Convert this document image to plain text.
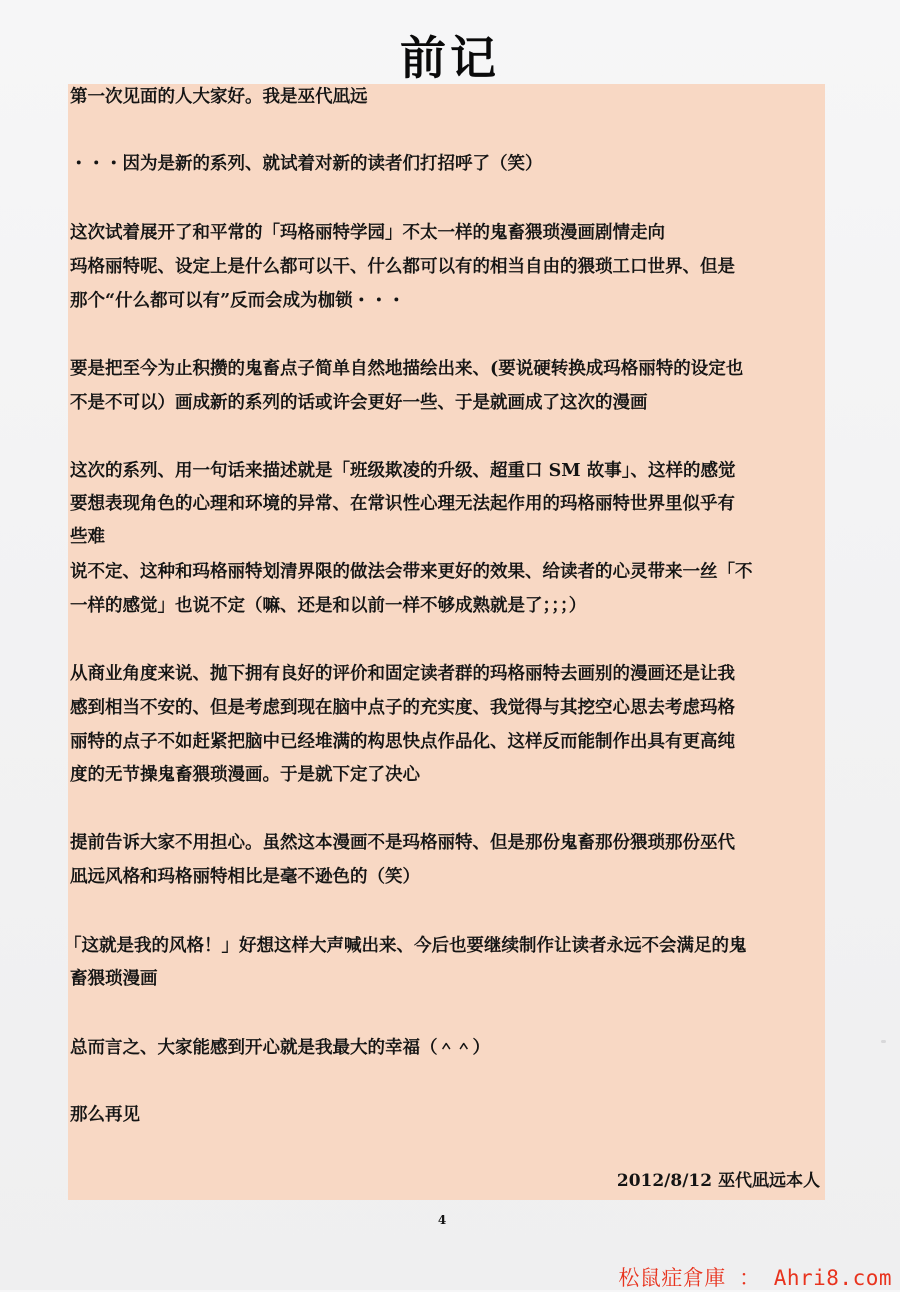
前记
第一次见面的人大家好。我是巫代凪远
・・・因为是新的系列、就试着对新的读者们打招呼了（笑）
这次试着展开了和平常的「玛格丽特学园」不太一样的鬼畜猥琐漫画剧情走向
玛格丽特呢、设定上是什么都可以干、什么都可以有的相当自由的猥琐工口世界、但是
那个“什么都可以有”反而会成为枷锁・・・
要是把至今为止积攒的鬼畜点子简单自然地描绘出来、(要说硬转换成玛格丽特的设定也
不是不可以）画成新的系列的话或许会更好一些、于是就画成了这次的漫画
这次的系列、用一句话来描述就是「班级欺凌的升级、超重口 SM 故事」、这样的感觉
要想表现角色的心理和环境的异常、在常识性心理无法起作用的玛格丽特世界里似乎有
些难
说不定、这种和玛格丽特划清界限的做法会带来更好的效果、给读者的心灵带来一丝「不
一样的感觉」也说不定（嘛、还是和以前一样不够成熟就是了；；；）
从商业角度来说、抛下拥有良好的评价和固定读者群的玛格丽特去画别的漫画还是让我
感到相当不安的、但是考虑到现在脑中点子的充实度、我觉得与其挖空心思去考虑玛格
丽特的点子不如赶紧把脑中已经堆满的构思快点作品化、这样反而能制作出具有更高纯
度的无节操鬼畜猥琐漫画。于是就下定了决心
提前告诉大家不用担心。虽然这本漫画不是玛格丽特、但是那份鬼畜那份猥琐那份巫代
凪远风格和玛格丽特相比是毫不逊色的（笑）
「这就是我的风格！」好想这样大声喊出来、今后也要继续制作让读者永远不会满足的鬼
畜猥琐漫画
总而言之、大家能感到开心就是我最大的幸福（＾＾）
那么再见
2012/8/12 巫代凪远本人
4
松鼠症倉庫 ： Ahri8.com
